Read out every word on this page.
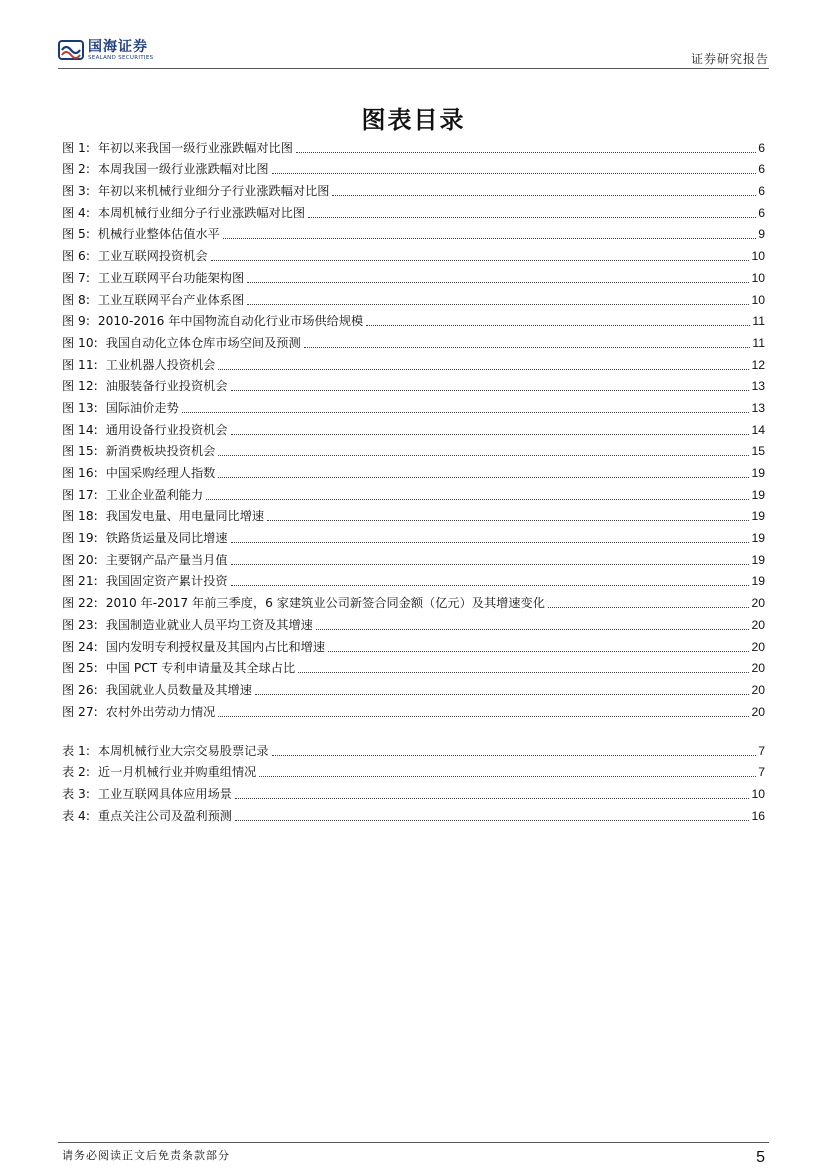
国海证券
SEALAND SECURITIES	证券研究报告
图表目录
图 1: 年初以来我国一级行业涨跌幅对比图	6
图 2: 本周我国一级行业涨跌幅对比图	6
图 3: 年初以来机械行业细分子行业涨跌幅对比图	6
图 4: 本周机械行业细分子行业涨跌幅对比图	6
图 5: 机械行业整体估值水平	9
图 6: 工业互联网投资机会	10
图 7: 工业互联网平台功能架构图	10
图 8: 工业互联网平台产业体系图	10
图 9: 2010-2016 年中国物流自动化行业市场供给规模	11
图 10: 我国自动化立体仓库市场空间及预测	11
图 11: 工业机器人投资机会	12
图 12: 油服装备行业投资机会	13
图 13: 国际油价走势	13
图 14: 通用设备行业投资机会	14
图 15: 新消费板块投资机会	15
图 16: 中国采购经理人指数	19
图 17: 工业企业盈利能力	19
图 18: 我国发电量、用电量同比增速	19
图 19: 铁路货运量及同比增速	19
图 20: 主要钢产品产量当月值	19
图 21: 我国固定资产累计投资	19
图 22: 2010 年-2017 年前三季度，6 家建筑业公司新签合同金额（亿元）及其增速变化	20
图 23: 我国制造业就业人员平均工资及其增速	20
图 24: 国内发明专利授权量及其国内占比和增速	20
图 25: 中国 PCT 专利申请量及其全球占比	20
图 26: 我国就业人员数量及其增速	20
图 27: 农村外出劳动力情况	20
表 1: 本周机械行业大宗交易股票记录	7
表 2: 近一月机械行业并购重组情况	7
表 3: 工业互联网具体应用场景	10
表 4: 重点关注公司及盈利预测	16
请务必阅读正文后免责条款部分	5
